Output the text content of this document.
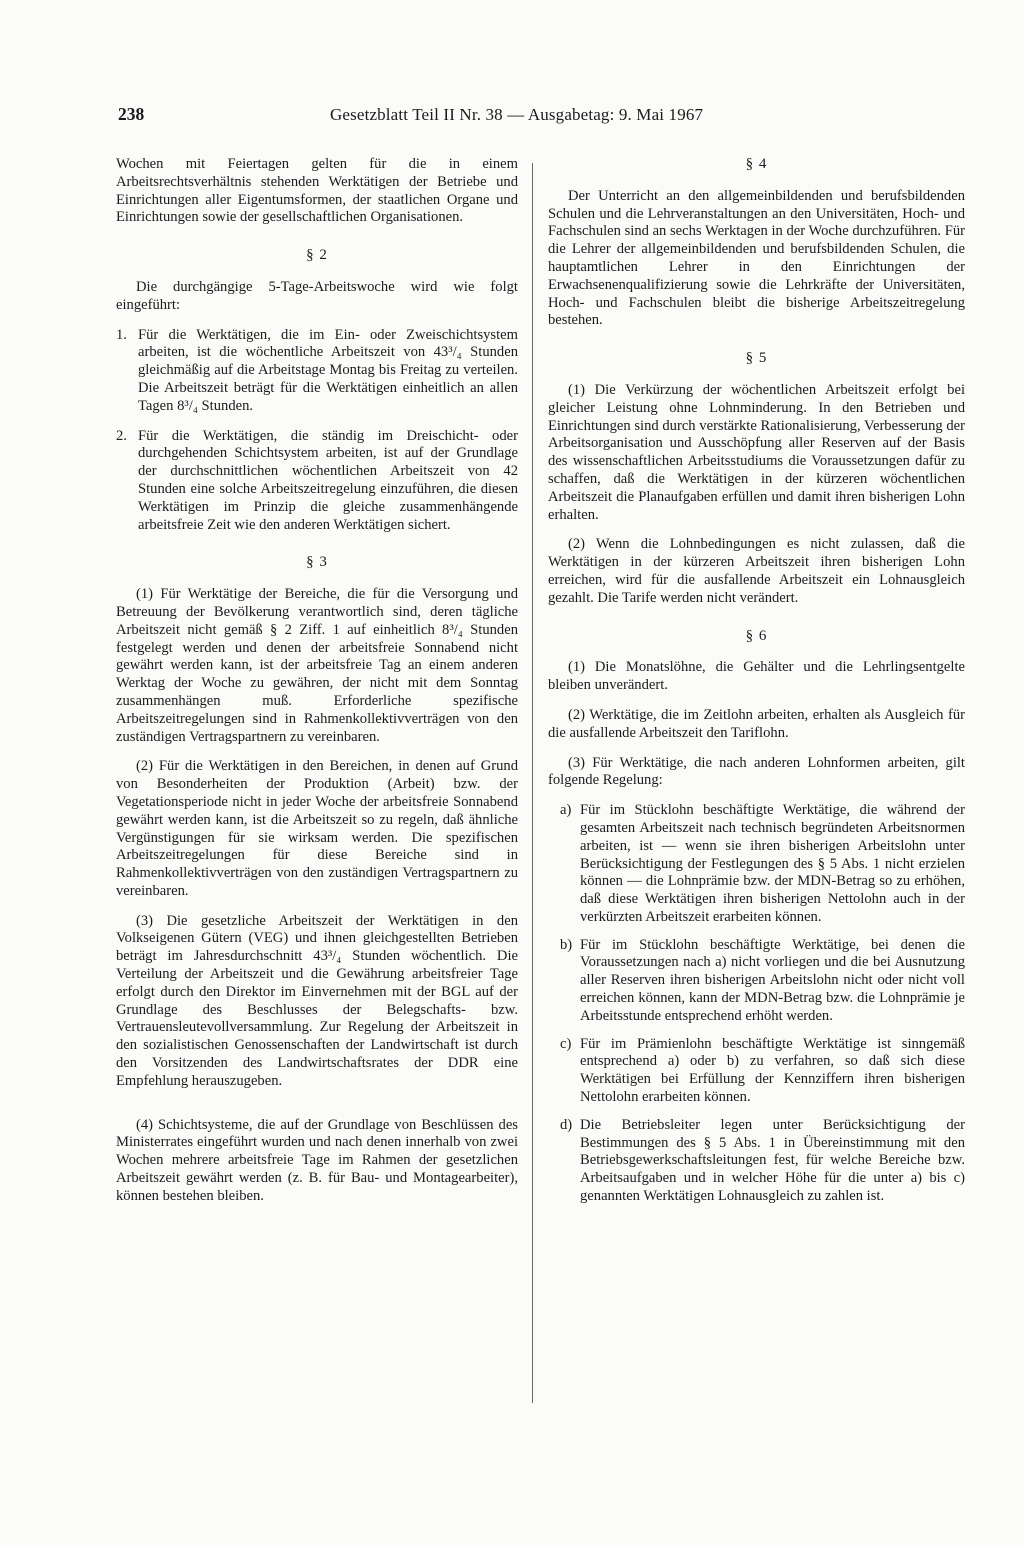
238	Gesetzblatt Teil II Nr. 38 — Ausgabetag: 9. Mai 1967

Wochen mit Feiertagen gelten für die in einem Arbeitsrechtsverhältnis stehenden Werktätigen der Betriebe und Einrichtungen aller Eigentumsformen, der staatlichen Organe und Einrichtungen sowie der gesellschaftlichen Organisationen.

§ 2

Die durchgängige 5-Tage-Arbeitswoche wird wie folgt eingeführt:

1. Für die Werktätigen, die im Ein- oder Zweischichtsystem arbeiten, ist die wöchentliche Arbeitszeit von 43³/₄ Stunden gleichmäßig auf die Arbeitstage Montag bis Freitag zu verteilen. Die Arbeitszeit beträgt für die Werktätigen einheitlich an allen Tagen 8³/₄ Stunden.
2. Für die Werktätigen, die ständig im Dreischicht- oder durchgehenden Schichtsystem arbeiten, ist auf der Grundlage der durchschnittlichen wöchentlichen Arbeitszeit von 42 Stunden eine solche Arbeitszeitregelung einzuführen, die diesen Werktätigen im Prinzip die gleiche zusammenhängende arbeitsfreie Zeit wie den anderen Werktätigen sichert.
§ 3

(1) Für Werktätige der Bereiche, die für die Versorgung und Betreuung der Bevölkerung verantwortlich sind, deren tägliche Arbeitszeit nicht gemäß § 2 Ziff. 1 auf einheitlich 8³/₄ Stunden festgelegt werden und denen der arbeitsfreie Sonnabend nicht gewährt werden kann, ist der arbeitsfreie Tag an einem anderen Werktag der Woche zu gewähren, der nicht mit dem Sonntag zusammenhängen muß. Erforderliche spezifische Arbeitszeitregelungen sind in Rahmenkollektivverträgen von den zuständigen Vertragspartnern zu vereinbaren.

(2) Für die Werktätigen in den Bereichen, in denen auf Grund von Besonderheiten der Produktion (Arbeit) bzw. der Vegetationsperiode nicht in jeder Woche der arbeitsfreie Sonnabend gewährt werden kann, ist die Arbeitszeit so zu regeln, daß ähnliche Vergünstigungen für sie wirksam werden. Die spezifischen Arbeitszeitregelungen für diese Bereiche sind in Rahmenkollektivverträgen von den zuständigen Vertragspartnern zu vereinbaren.

(3) Die gesetzliche Arbeitszeit der Werktätigen in den Volkseigenen Gütern (VEG) und ihnen gleichgestellten Betrieben beträgt im Jahresdurchschnitt 43³/₄ Stunden wöchentlich. Die Verteilung der Arbeitszeit und die Gewährung arbeitsfreier Tage erfolgt durch den Direktor im Einvernehmen mit der BGL auf der Grundlage des Beschlusses der Belegschafts- bzw. Vertrauensleutevollversammlung. Zur Regelung der Arbeitszeit in den sozialistischen Genossenschaften der Landwirtschaft ist durch den Vorsitzenden des Landwirtschaftsrates der DDR eine Empfehlung herauszugeben.

(4) Schichtsysteme, die auf der Grundlage von Beschlüssen des Ministerrates eingeführt wurden und nach denen innerhalb von zwei Wochen mehrere arbeitsfreie Tage im Rahmen der gesetzlichen Arbeitszeit gewährt werden (z. B. für Bau- und Montagearbeiter), können bestehen bleiben.

§ 4

Der Unterricht an den allgemeinbildenden und berufsbildenden Schulen und die Lehrveranstaltungen an den Universitäten, Hoch- und Fachschulen sind an sechs Werktagen in der Woche durchzuführen. Für die Lehrer der allgemeinbildenden und berufsbildenden Schulen, die hauptamtlichen Lehrer in den Einrichtungen der Erwachsenenqualifizierung sowie die Lehrkräfte der Universitäten, Hoch- und Fachschulen bleibt die bisherige Arbeitszeitregelung bestehen.

§ 5

(1) Die Verkürzung der wöchentlichen Arbeitszeit erfolgt bei gleicher Leistung ohne Lohnminderung. In den Betrieben und Einrichtungen sind durch verstärkte Rationalisierung, Verbesserung der Arbeitsorganisation und Ausschöpfung aller Reserven auf der Basis des wissenschaftlichen Arbeitsstudiums die Voraussetzungen dafür zu schaffen, daß die Werktätigen in der kürzeren wöchentlichen Arbeitszeit die Planaufgaben erfüllen und damit ihren bisherigen Lohn erhalten.

(2) Wenn die Lohnbedingungen es nicht zulassen, daß die Werktätigen in der kürzeren Arbeitszeit ihren bisherigen Lohn erreichen, wird für die ausfallende Arbeitszeit ein Lohnausgleich gezahlt. Die Tarife werden nicht verändert.

§ 6

(1) Die Monatslöhne, die Gehälter und die Lehrlingsentgelte bleiben unverändert.

(2) Werktätige, die im Zeitlohn arbeiten, erhalten als Ausgleich für die ausfallende Arbeitszeit den Tariflohn.

(3) Für Werktätige, die nach anderen Lohnformen arbeiten, gilt folgende Regelung:

a) Für im Stücklohn beschäftigte Werktätige, die während der gesamten Arbeitszeit nach technisch begründeten Arbeitsnormen arbeiten, ist — wenn sie ihren bisherigen Arbeitslohn unter Berücksichtigung der Festlegungen des § 5 Abs. 1 nicht erzielen können — die Lohnprämie bzw. der MDN-Betrag so zu erhöhen, daß diese Werktätigen ihren bisherigen Nettolohn auch in der verkürzten Arbeitszeit erarbeiten können.
b) Für im Stücklohn beschäftigte Werktätige, bei denen die Voraussetzungen nach a) nicht vorliegen und die bei Ausnutzung aller Reserven ihren bisherigen Arbeitslohn nicht oder nicht voll erreichen können, kann der MDN-Betrag bzw. die Lohnprämie je Arbeitsstunde entsprechend erhöht werden.
c) Für im Prämienlohn beschäftigte Werktätige ist sinngemäß entsprechend a) oder b) zu verfahren, so daß sich diese Werktätigen bei Erfüllung der Kennziffern ihren bisherigen Nettolohn erarbeiten können.
d) Die Betriebsleiter legen unter Berücksichtigung der Bestimmungen des § 5 Abs. 1 in Übereinstimmung mit den Betriebsgewerkschaftsleitungen fest, für welche Bereiche bzw. Arbeitsaufgaben und in welcher Höhe für die unter a) bis c) genannten Werktätigen Lohnausgleich zu zahlen ist.
